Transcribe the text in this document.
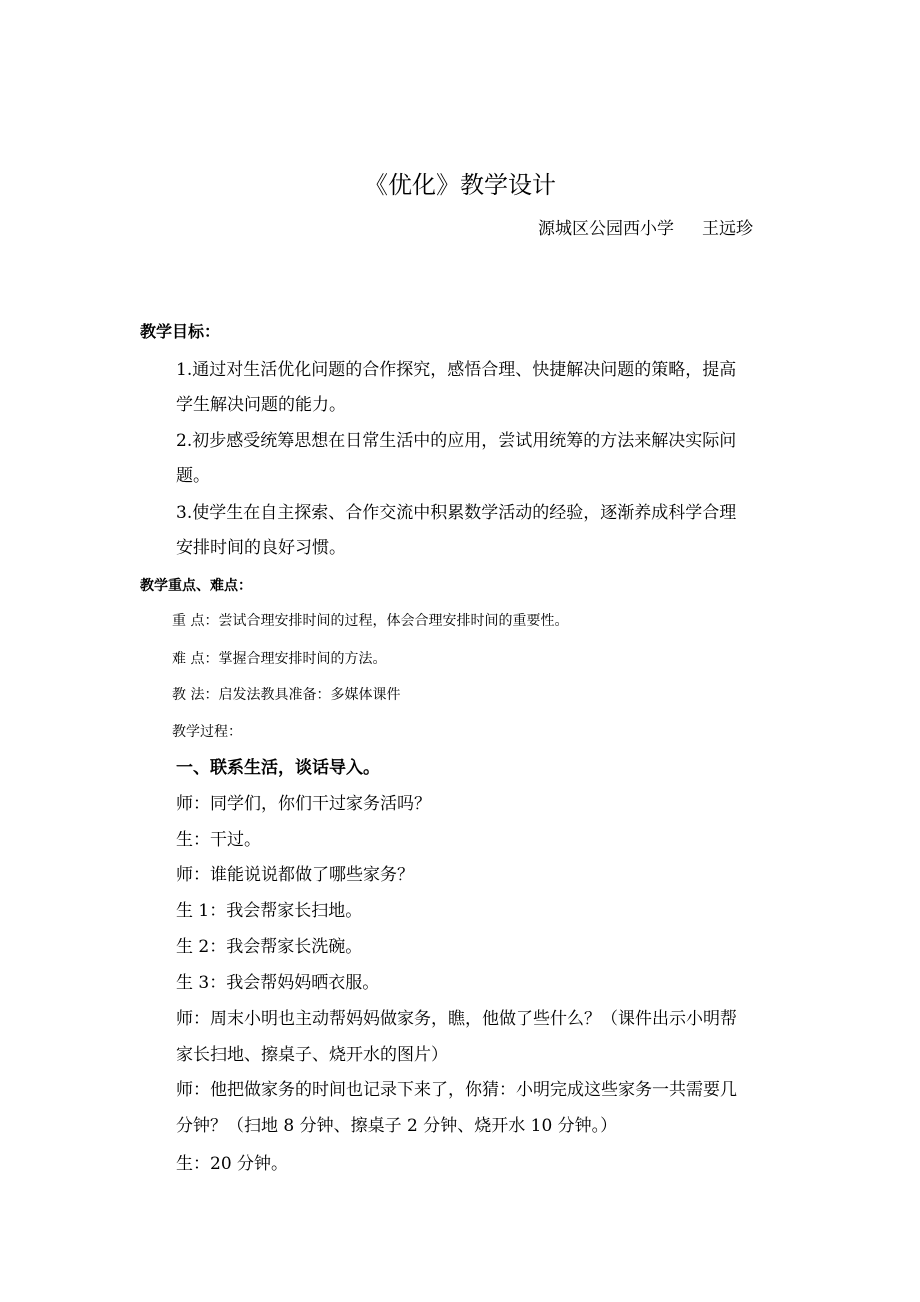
《优化》教学设计
源城区公园西小学 王远珍
教学目标：
1.通过对生活优化问题的合作探究，感悟合理、快捷解决问题的策略，提高
学生解决问题的能力。
2.初步感受统筹思想在日常生活中的应用，尝试用统筹的方法来解决实际问
题。
3.使学生在自主探索、合作交流中积累数学活动的经验，逐渐养成科学合理
安排时间的良好习惯。
教学重点、难点：
重 点：尝试合理安排时间的过程，体会合理安排时间的重要性。
难 点：掌握合理安排时间的方法。
教 法：启发法教具准备：多媒体课件
教学过程：
一、联系生活，谈话导入。
师：同学们，你们干过家务活吗？
生：干过。
师：谁能说说都做了哪些家务？
生 1：我会帮家长扫地。
生 2：我会帮家长洗碗。
生 3：我会帮妈妈晒衣服。
师：周末小明也主动帮妈妈做家务，瞧，他做了些什么？（课件出示小明帮
家长扫地、擦桌子、烧开水的图片）
师：他把做家务的时间也记录下来了，你猜：小明完成这些家务一共需要几
分钟？（扫地 8 分钟、擦桌子 2 分钟、烧开水 10 分钟。）
生：20 分钟。
